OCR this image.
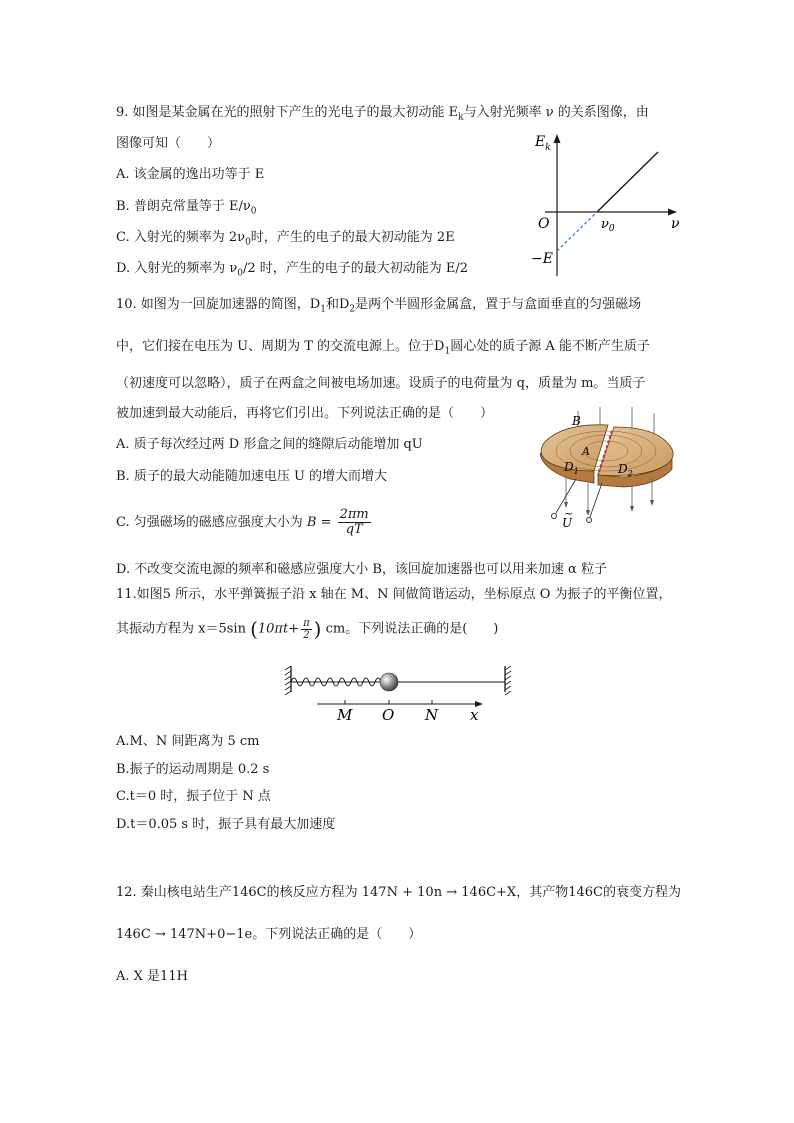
9. 如图是某金属在光的照射下产生的光电子的最大初动能 $E_k$与入射光频率 ν 的关系图像，由
图像可知（　　）
A. 该金属的逸出功等于 E
B. 普朗克常量等于 $E/\nu_0$
C. 入射光的频率为 $2\nu_0$时，产生的电子的最大初动能为 2E
D. 入射光的频率为 $\nu_0/2$ 时，产生的电子的最大初动能为 E/2
$E_k$
O	$\nu_0$	ν
−E
10. 如图为一回旋加速器的简图，$D_1$和$D_2$是两个半圆形金属盒，置于与盒面垂直的匀强磁场
中，它们接在电压为 U、周期为 T 的交流电源上。位于$D_1$圆心处的质子源 A 能不断产生质子
（初速度可以忽略），质子在两盒之间被电场加速。设质子的电荷量为 q，质量为 m。当质子
被加速到最大动能后，再将它们引出。下列说法正确的是（　　）
A. 质子每次经过两 D 形盒之间的缝隙后动能增加 qU
B. 质子的最大动能随加速电压 U 的增大而增大
C. 匀强磁场的磁感应强度大小为 $B = \frac{2\pi m}{qT}$
D. 不改变交流电源的频率和磁感应强度大小 B，该回旋加速器也可以用来加速 α 粒子
B
A
$D_1$	$D_2$
~
U
11.如图5 所示，水平弹簧振子沿 x 轴在 M、N 间做简谐运动，坐标原点 O 为振子的平衡位置，
其振动方程为 x＝5sin ($10\pi t+ \frac{\pi}{2}$ ) cm。下列说法正确的是(　　)
M O N x
A.M、N 间距离为 5 cm
B.振子的运动周期是 0.2 s
C.t＝0 时，振子位于 N 点
D.t＝0.05 s 时，振子具有最大加速度
12. 秦山核电站生产146C的核反应方程为 147N + 10n → 146C+X，其产物146C的衰变方程为
146C → 147N+0−1e。下列说法正确的是（　　）
A. X 是11H
